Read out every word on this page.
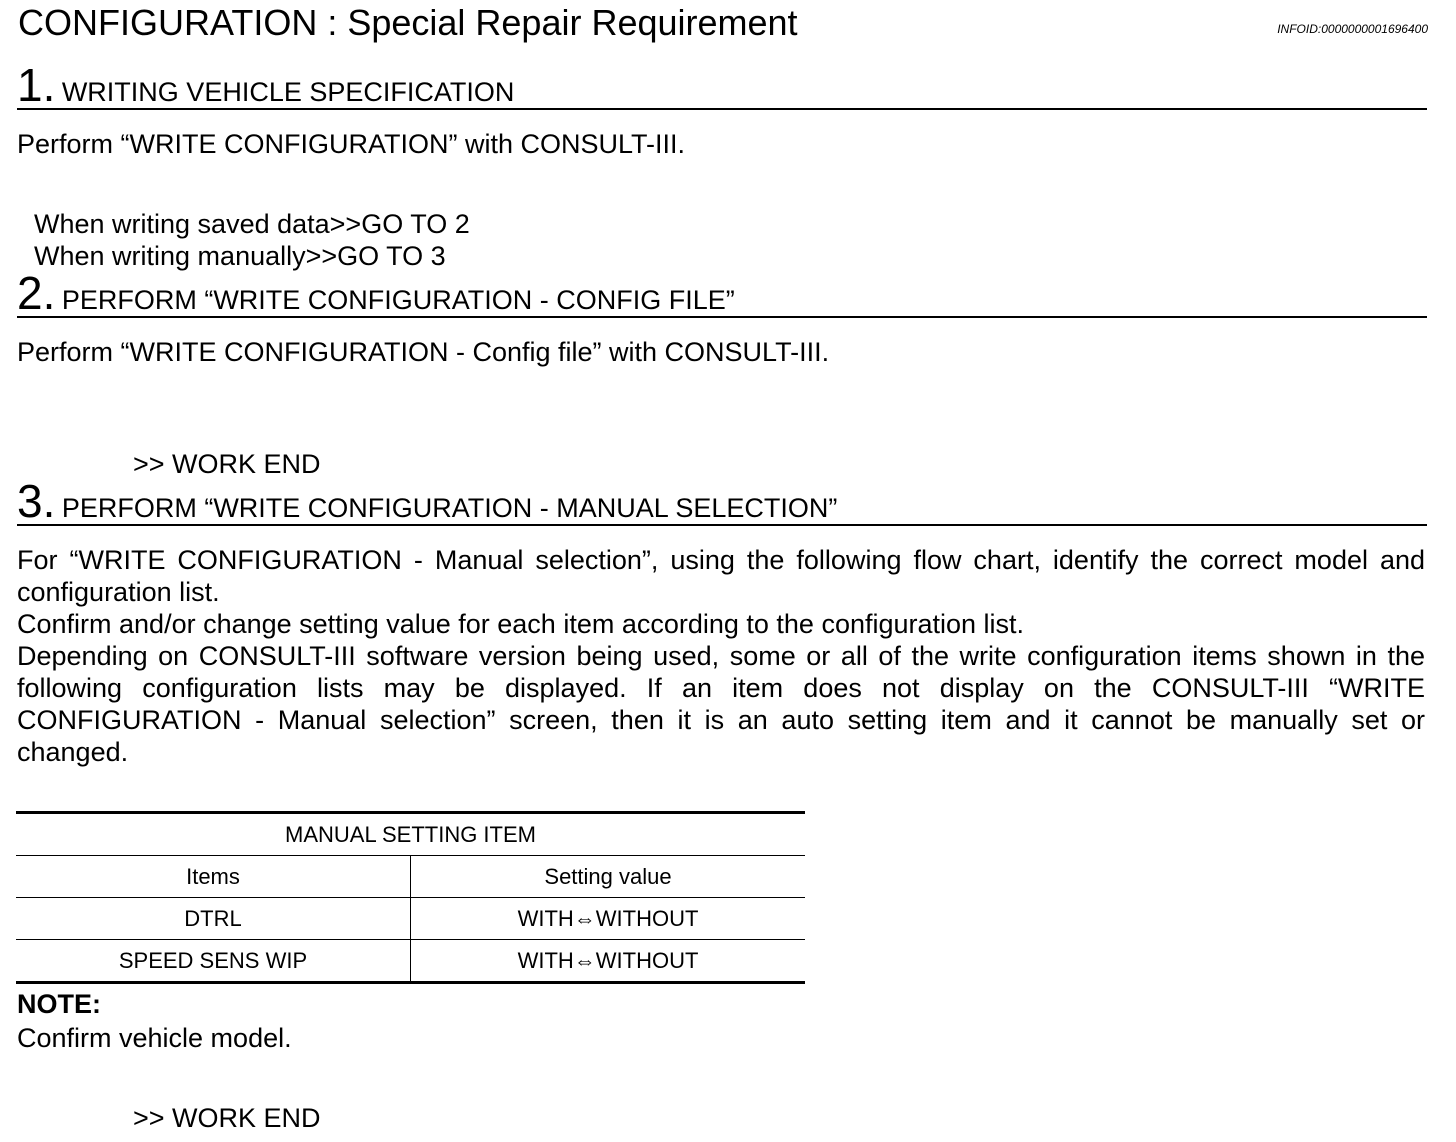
CONFIGURATION : Special Repair Requirement	INFOID:0000000001696400
1. WRITING VEHICLE SPECIFICATION
Perform “WRITE CONFIGURATION” with CONSULT-III.
When writing saved data>>GO TO 2
When writing manually>>GO TO 3
2. PERFORM “WRITE CONFIGURATION - CONFIG FILE”
Perform “WRITE CONFIGURATION - Config file” with CONSULT-III.
>> WORK END
3. PERFORM “WRITE CONFIGURATION - MANUAL SELECTION”
For “WRITE CONFIGURATION - Manual selection”, using the following flow chart, identify the correct model and configuration list.
Confirm and/or change setting value for each item according to the configuration list.
Depending on CONSULT-III software version being used, some or all of the write configuration items shown in the following configuration lists may be displayed. If an item does not display on the CONSULT-III “WRITE CONFIGURATION - Manual selection” screen, then it is an auto setting item and it cannot be manually set or changed.
MANUAL SETTING ITEM	
Items	Setting value
DTRL	WITH⇔WITHOUT
SPEED SENS WIP	WITH⇔WITHOUT
NOTE:
Confirm vehicle model.
>> WORK END
